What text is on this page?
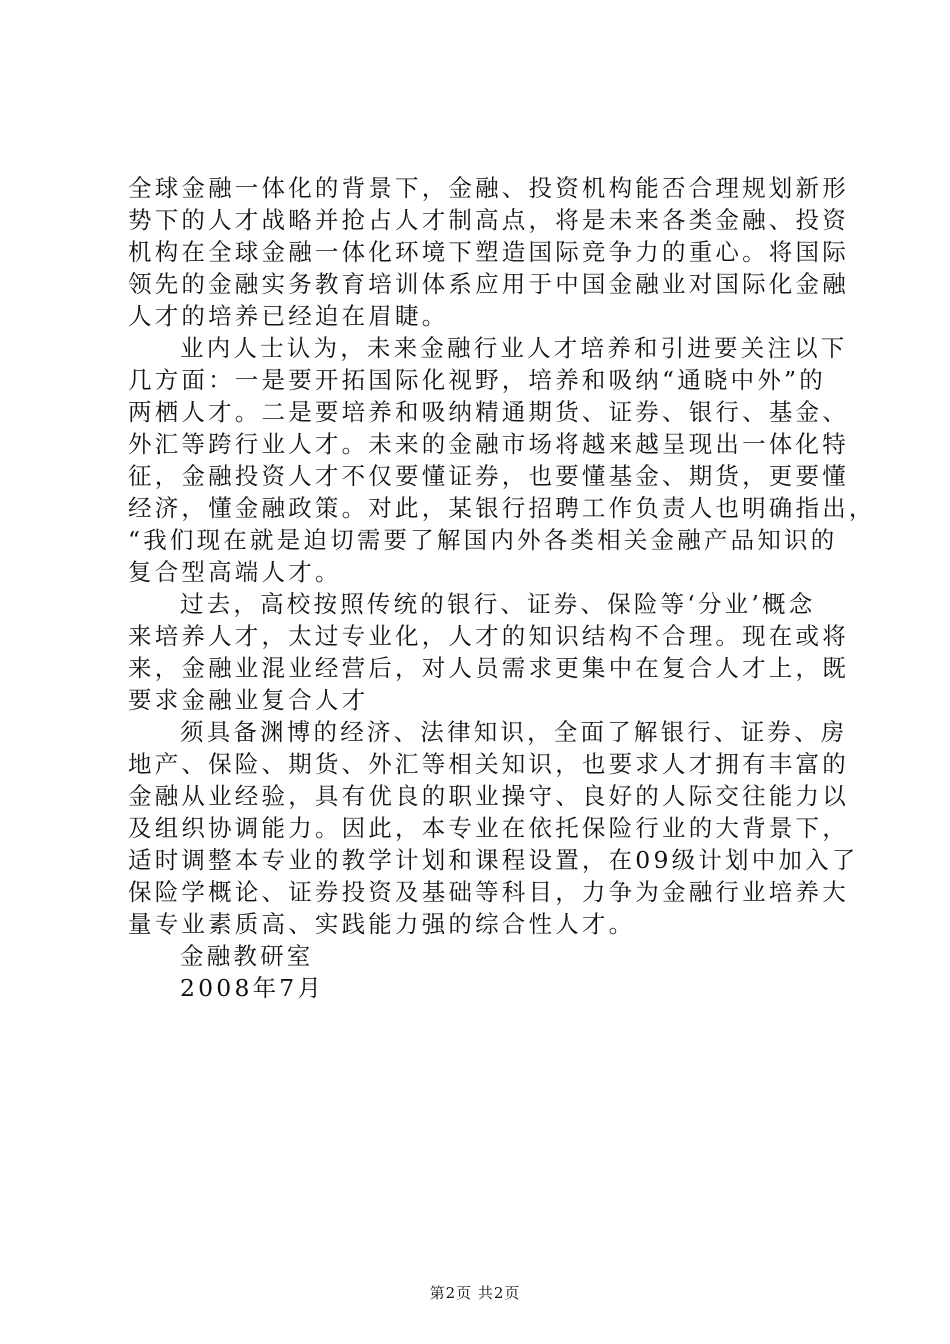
全球金融一体化的背景下，金融、投资机构能否合理规划新形
势下的人才战略并抢占人才制高点，将是未来各类金融、投资
机构在全球金融一体化环境下塑造国际竞争力的重心。将国际
领先的金融实务教育培训体系应用于中国金融业对国际化金融
人才的培养已经迫在眉睫。
业内人士认为，未来金融行业人才培养和引进要关注以下
几方面：一是要开拓国际化视野，培养和吸纳“通晓中外”的
两栖人才。二是要培养和吸纳精通期货、证券、银行、基金、
外汇等跨行业人才。未来的金融市场将越来越呈现出一体化特
征，金融投资人才不仅要懂证券，也要懂基金、期货，更要懂
经济，懂金融政策。对此，某银行招聘工作负责人也明确指出，
“我们现在就是迫切需要了解国内外各类相关金融产品知识的
复合型高端人才。
过去，高校按照传统的银行、证券、保险等‘分业’概念
来培养人才，太过专业化，人才的知识结构不合理。现在或将
来，金融业混业经营后，对人员需求更集中在复合人才上，既
要求金融业复合人才
须具备渊博的经济、法律知识，全面了解银行、证券、房
地产、保险、期货、外汇等相关知识，也要求人才拥有丰富的
金融从业经验，具有优良的职业操守、良好的人际交往能力以
及组织协调能力。因此，本专业在依托保险行业的大背景下，
适时调整本专业的教学计划和课程设置，在09级计划中加入了
保险学概论、证券投资及基础等科目，力争为金融行业培养大
量专业素质高、实践能力强的综合性人才。
金融教研室
2008年7月
第2页 共2页
